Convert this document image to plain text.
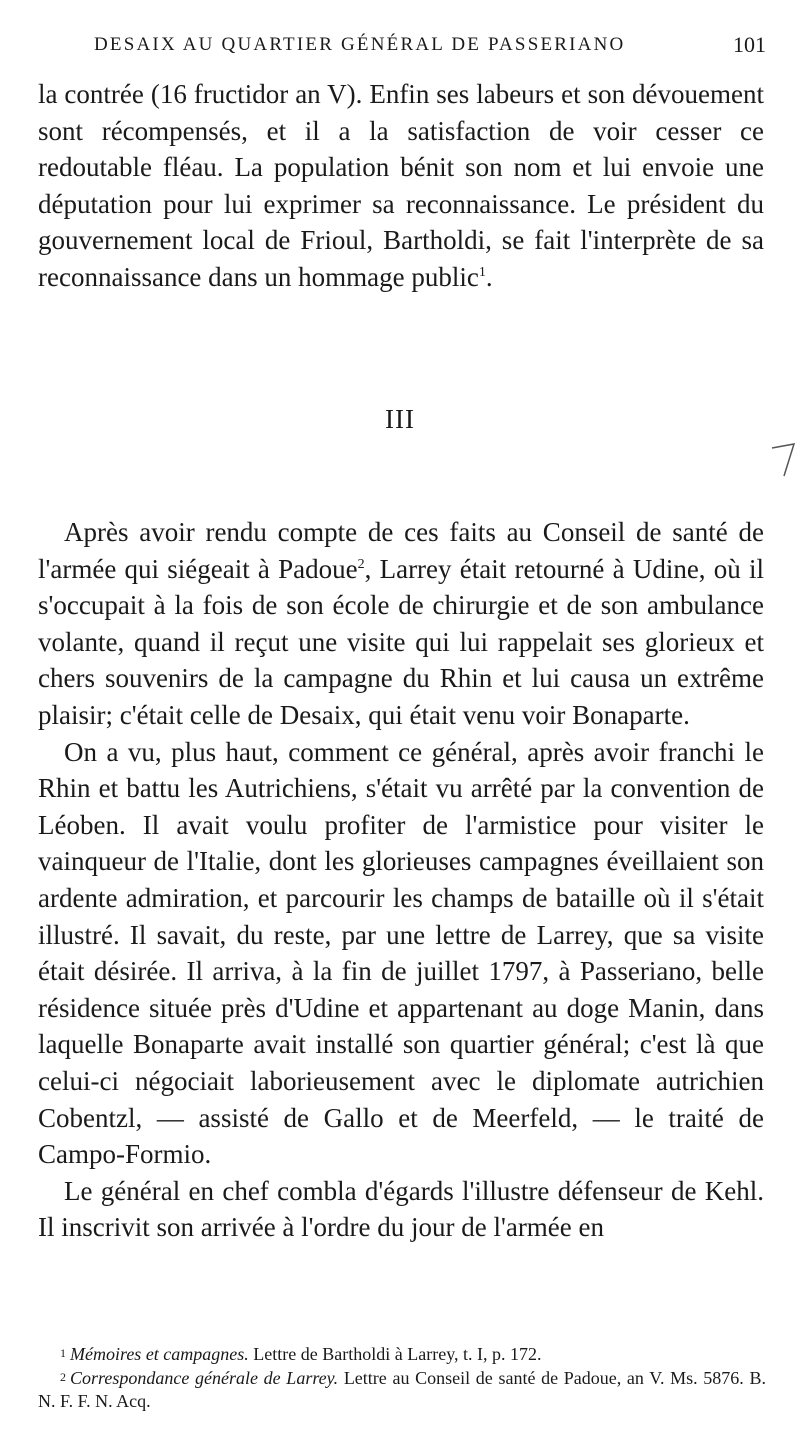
DESAIX AU QUARTIER GÉNÉRAL DE PASSERIANO	101

la contrée (16 fructidor an V). Enfin ses labeurs et son dévouement sont récompensés, et il a la satisfaction de voir cesser ce redoutable fléau. La population bénit son nom et lui envoie une députation pour lui exprimer sa reconnaissance. Le président du gouvernement local de Frioul, Bartholdi, se fait l'interprète de sa reconnaissance dans un hommage public$^1$.

III

Après avoir rendu compte de ces faits au Conseil de santé de l'armée qui siégeait à Padoue$^2$, Larrey était retourné à Udine, où il s'occupait à la fois de son école de chirurgie et de son ambulance volante, quand il reçut une visite qui lui rappelait ses glorieux et chers souvenirs de la campagne du Rhin et lui causa un extrême plaisir; c'était celle de Desaix, qui était venu voir Bonaparte.

On a vu, plus haut, comment ce général, après avoir franchi le Rhin et battu les Autrichiens, s'était vu arrêté par la convention de Léoben. Il avait voulu profiter de l'armistice pour visiter le vainqueur de l'Italie, dont les glorieuses campagnes éveillaient son ardente admiration, et parcourir les champs de bataille où il s'était illustré. Il savait, du reste, par une lettre de Larrey, que sa visite était désirée. Il arriva, à la fin de juillet 1797, à Passeriano, belle résidence située près d'Udine et appartenant au doge Manin, dans laquelle Bonaparte avait installé son quartier général; c'est là que celui-ci négociait laborieusement avec le diplomate autrichien Cobentzl, — assisté de Gallo et de Meerfeld, — le traité de Campo-Formio.

Le général en chef combla d'égards l'illustre défenseur de Kehl. Il inscrivit son arrivée à l'ordre du jour de l'armée en

1 Mémoires et campagnes. Lettre de Bartholdi à Larrey, t. I, p. 172.

2 Correspondance générale de Larrey. Lettre au Conseil de santé de Padoue, an V. Ms. 5876. B. N. F. F. N. Acq.
